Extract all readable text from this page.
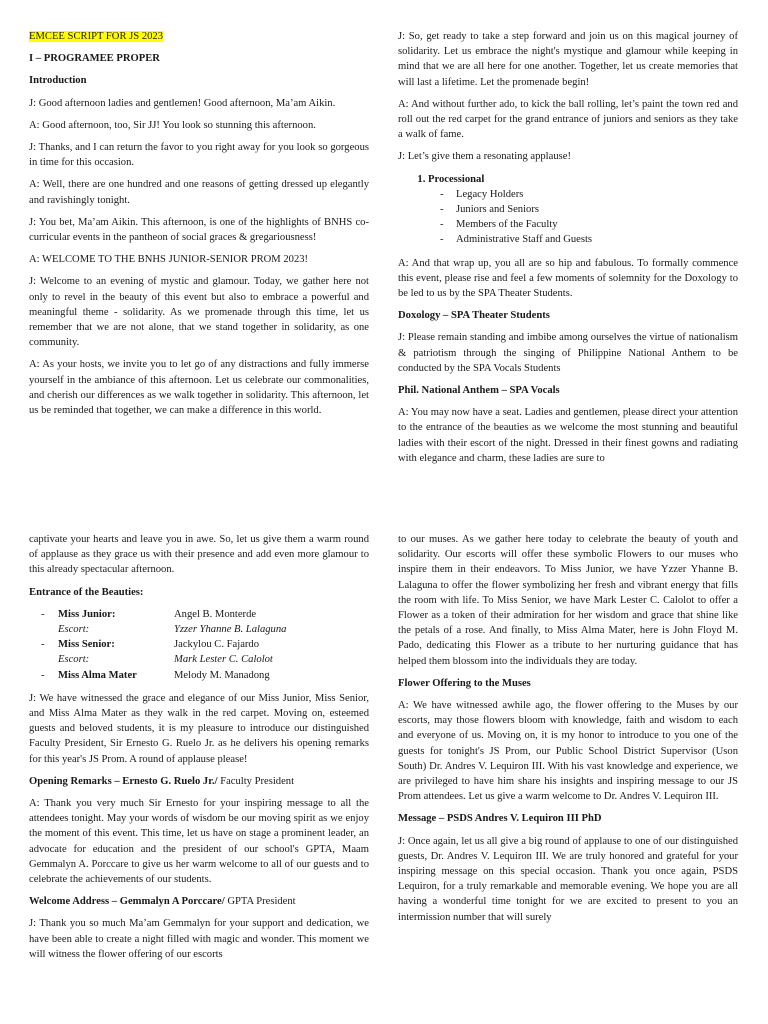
EMCEE SCRIPT FOR JS 2023

I – PROGRAMEE PROPER

Introduction

J: Good afternoon ladies and gentlemen! Good afternoon, Ma’am Aikin.

A: Good afternoon, too, Sir JJ! You look so stunning this afternoon.

J: Thanks, and I can return the favor to you right away for you look so gorgeous in time for this occasion.

A: Well, there are one hundred and one reasons of getting dressed up elegantly and ravishingly tonight.

J: You bet, Ma’am Aikin. This afternoon, is one of the highlights of BNHS co-curricular events in the pantheon of social graces & gregariousness!

A: WELCOME TO THE BNHS JUNIOR-SENIOR PROM 2023!

J: Welcome to an evening of mystic and glamour. Today, we gather here not only to revel in the beauty of this event but also to embrace a powerful and meaningful theme - solidarity. As we promenade through this time, let us remember that we are not alone, that we stand together in solidarity, as one community.

A: As your hosts, we invite you to let go of any distractions and fully immerse yourself in the ambiance of this afternoon. Let us celebrate our commonalities, and cherish our differences as we walk together in solidarity. This afternoon, let us be reminded that together, we can make a difference in this world.

J: So, get ready to take a step forward and join us on this magical journey of solidarity. Let us embrace the night's mystique and glamour while keeping in mind that we are all here for one another. Together, let us create memories that will last a lifetime. Let the promenade begin!

A: And without further ado, to kick the ball rolling, let’s paint the town red and roll out the red carpet for the grand entrance of juniors and seniors as they take a walk of fame.

J: Let’s give them a resonating applause!

1. Processional
- Legacy Holders
- Juniors and Seniors
- Members of the Faculty
- Administrative Staff and Guests

A: And that wrap up, you all are so hip and fabulous. To formally commence this event, please rise and feel a few moments of solemnity for the Doxology to be led to us by the SPA Theater Students.

Doxology – SPA Theater Students

J: Please remain standing and imbibe among ourselves the virtue of nationalism & patriotism through the singing of Philippine National Anthem to be conducted by the SPA Vocals Students

Phil. National Anthem – SPA Vocals

A: You may now have a seat. Ladies and gentlemen, please direct your attention to the entrance of the beauties as we welcome the most stunning and beautiful ladies with their escort of the night. Dressed in their finest gowns and radiating with elegance and charm, these ladies are sure to

captivate your hearts and leave you in awe. So, let us give them a warm round of applause as they grace us with their presence and add even more glamour to this already spectacular afternoon.

Entrance of the Beauties:

-	Miss Junior:	Angel B. Monterde
	Escort:	Yzzer Yhanne B. Lalaguna
-	Miss Senior:	Jackylou C. Fajardo
	Escort:	Mark Lester C. Calolot
-	Miss Alma Mater	Melody M. Manadong

J: We have witnessed the grace and elegance of our Miss Junior, Miss Senior, and Miss Alma Mater as they walk in the red carpet. Moving on, esteemed guests and beloved students, it is my pleasure to introduce our distinguished Faculty President, Sir Ernesto G. Ruelo Jr. as he delivers his opening remarks for this year's JS Prom. A round of applause please!

Opening Remarks – Ernesto G. Ruelo Jr./ Faculty President

A: Thank you very much Sir Ernesto for your inspiring message to all the attendees tonight. May your words of wisdom be our moving spirit as we enjoy the moment of this event. This time, let us have on stage a prominent leader, an advocate for education and the president of our school's GPTA, Maam Gemmalyn A. Porccare to give us her warm welcome to all of our guests and to celebrate the achievements of our students.

Welcome Address – Gemmalyn A Porccare/ GPTA President

J: Thank you so much Ma’am Gemmalyn for your support and dedication, we have been able to create a night filled with magic and wonder. This moment we will witness the flower offering of our escorts

to our muses. As we gather here today to celebrate the beauty of youth and solidarity. Our escorts will offer these symbolic Flowers to our muses who inspire them in their endeavors. To Miss Junior, we have Yzzer Yhanne B. Lalaguna to offer the flower symbolizing her fresh and vibrant energy that fills the room with life. To Miss Senior, we have Mark Lester C. Calolot to offer a Flower as a token of their admiration for her wisdom and grace that shine like the petals of a rose. And finally, to Miss Alma Mater, here is John Floyd M. Pado, dedicating this Flower as a tribute to her nurturing guidance that has helped them blossom into the individuals they are today.

Flower Offering to the Muses

A: We have witnessed awhile ago, the flower offering to the Muses by our escorts, may those flowers bloom with knowledge, faith and wisdom to each and everyone of us. Moving on, it is my honor to introduce to you one of the guests for tonight's JS Prom, our Public School District Supervisor (Uson South) Dr. Andres V. Lequiron III. With his vast knowledge and experience, we are privileged to have him share his insights and inspiring message to our JS Prom attendees. Let us give a warm welcome to Dr. Andres V. Lequiron III.

Message – PSDS Andres V. Lequiron III PhD

J: Once again, let us all give a big round of applause to one of our distinguished guests, Dr. Andres V. Lequiron III. We are truly honored and grateful for your inspiring message on this special occasion. Thank you once again, PSDS Lequiron, for a truly remarkable and memorable evening. We hope you are all having a wonderful time tonight for we are excited to present to you an intermission number that will surely
